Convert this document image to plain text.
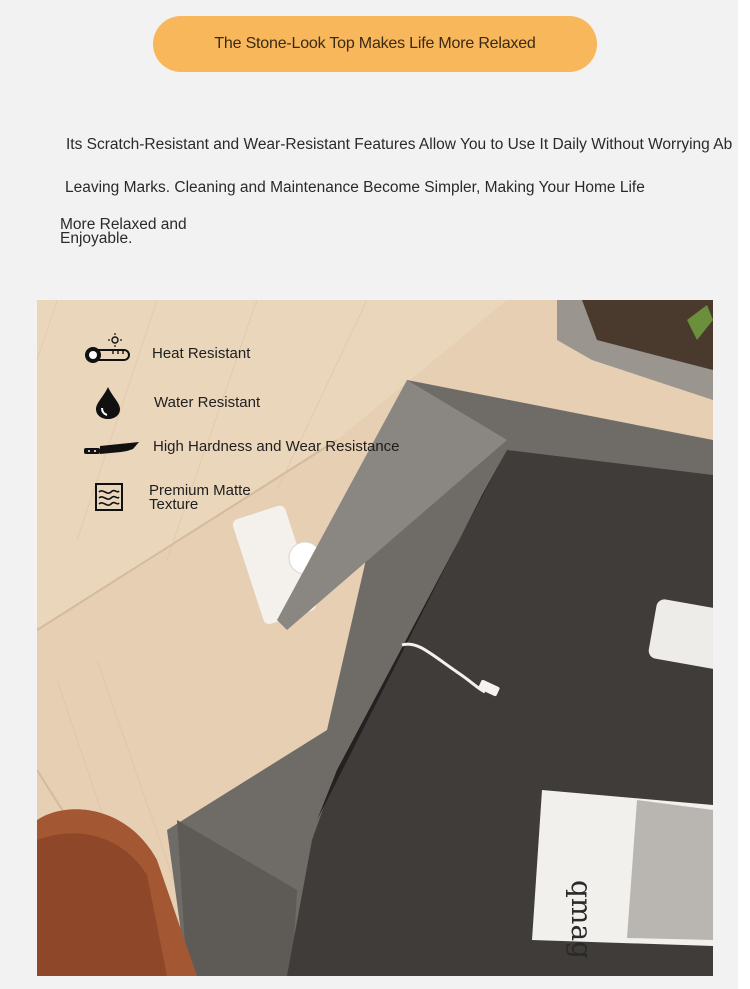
The Stone-Look Top Makes Life More Relaxed
Its Scratch-Resistant and Wear-Resistant Features Allow You to Use It Daily Without Worrying Ab
Leaving Marks. Cleaning and Maintenance Become Simpler, Making Your Home Life
More Relaxed and Enjoyable.
qmag
Heat Resistant
Water Resistant
High Hardness and Wear Resistance
Premium Matte Texture
